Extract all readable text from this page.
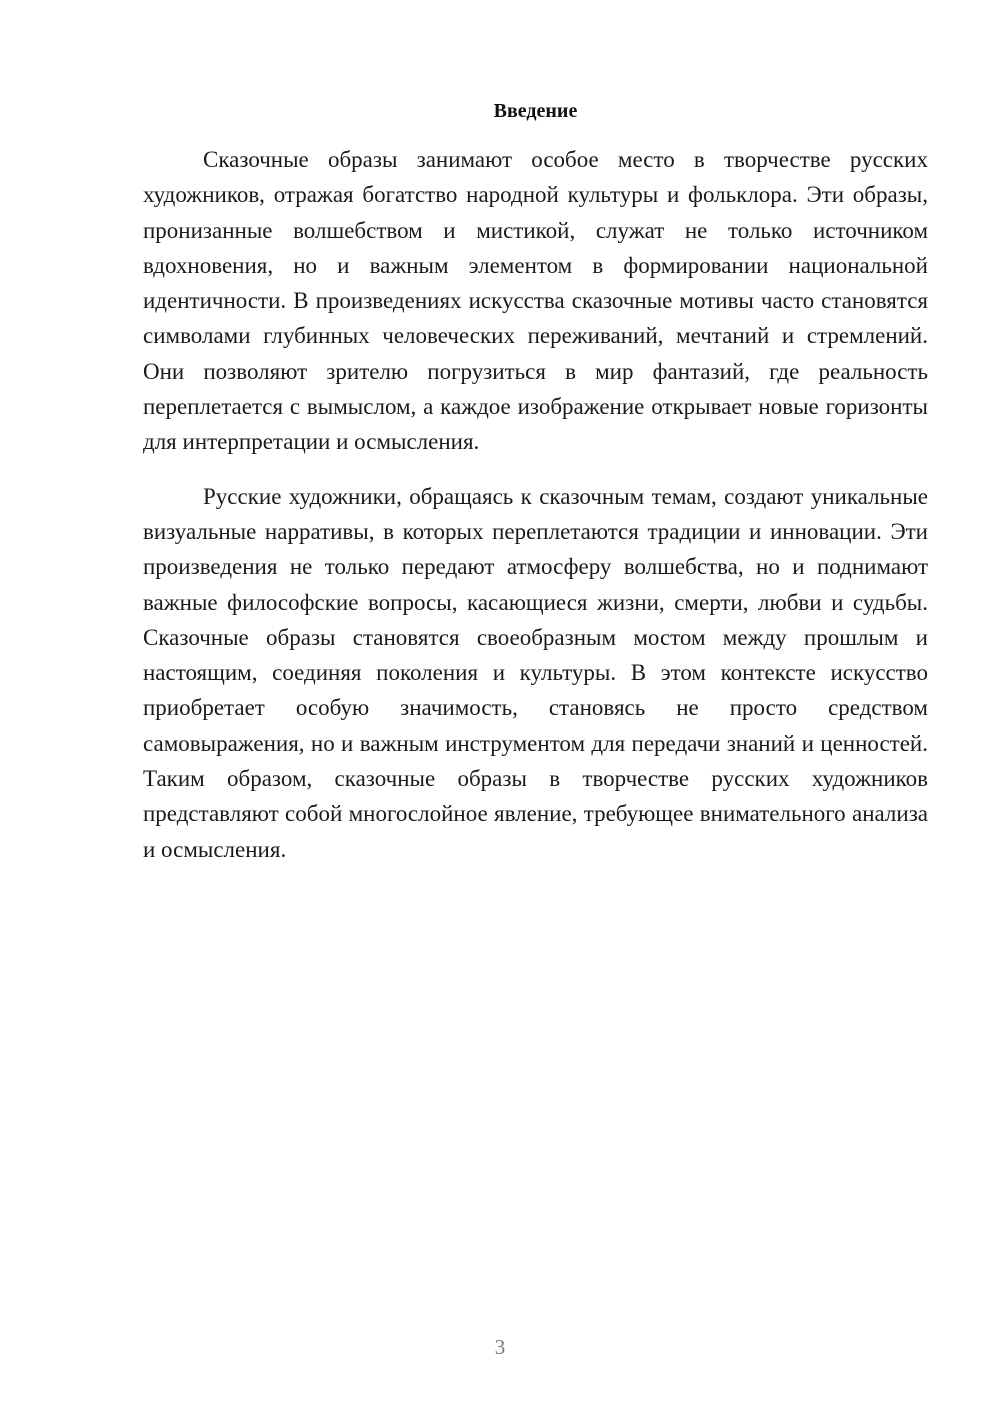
Введение

Сказочные образы занимают особое место в творчестве русских художников, отражая богатство народной культуры и фольклора. Эти образы, пронизанные волшебством и мистикой, служат не только источником вдохновения, но и важным элементом в формировании национальной идентичности. В произведениях искусства сказочные мотивы часто становятся символами глубинных человеческих переживаний, мечтаний и стремлений. Они позволяют зрителю погрузиться в мир фантазий, где реальность переплетается с вымыслом, а каждое изображение открывает новые горизонты для интерпретации и осмысления.

Русские художники, обращаясь к сказочным темам, создают уникальные визуальные нарративы, в которых переплетаются традиции и инновации. Эти произведения не только передают атмосферу волшебства, но и поднимают важные философские вопросы, касающиеся жизни, смерти, любви и судьбы. Сказочные образы становятся своеобразным мостом между прошлым и настоящим, соединяя поколения и культуры. В этом контексте искусство приобретает особую значимость, становясь не просто средством самовыражения, но и важным инструментом для передачи знаний и ценностей. Таким образом, сказочные образы в творчестве русских художников представляют собой многослойное явление, требующее внимательного анализа и осмысления.

3
